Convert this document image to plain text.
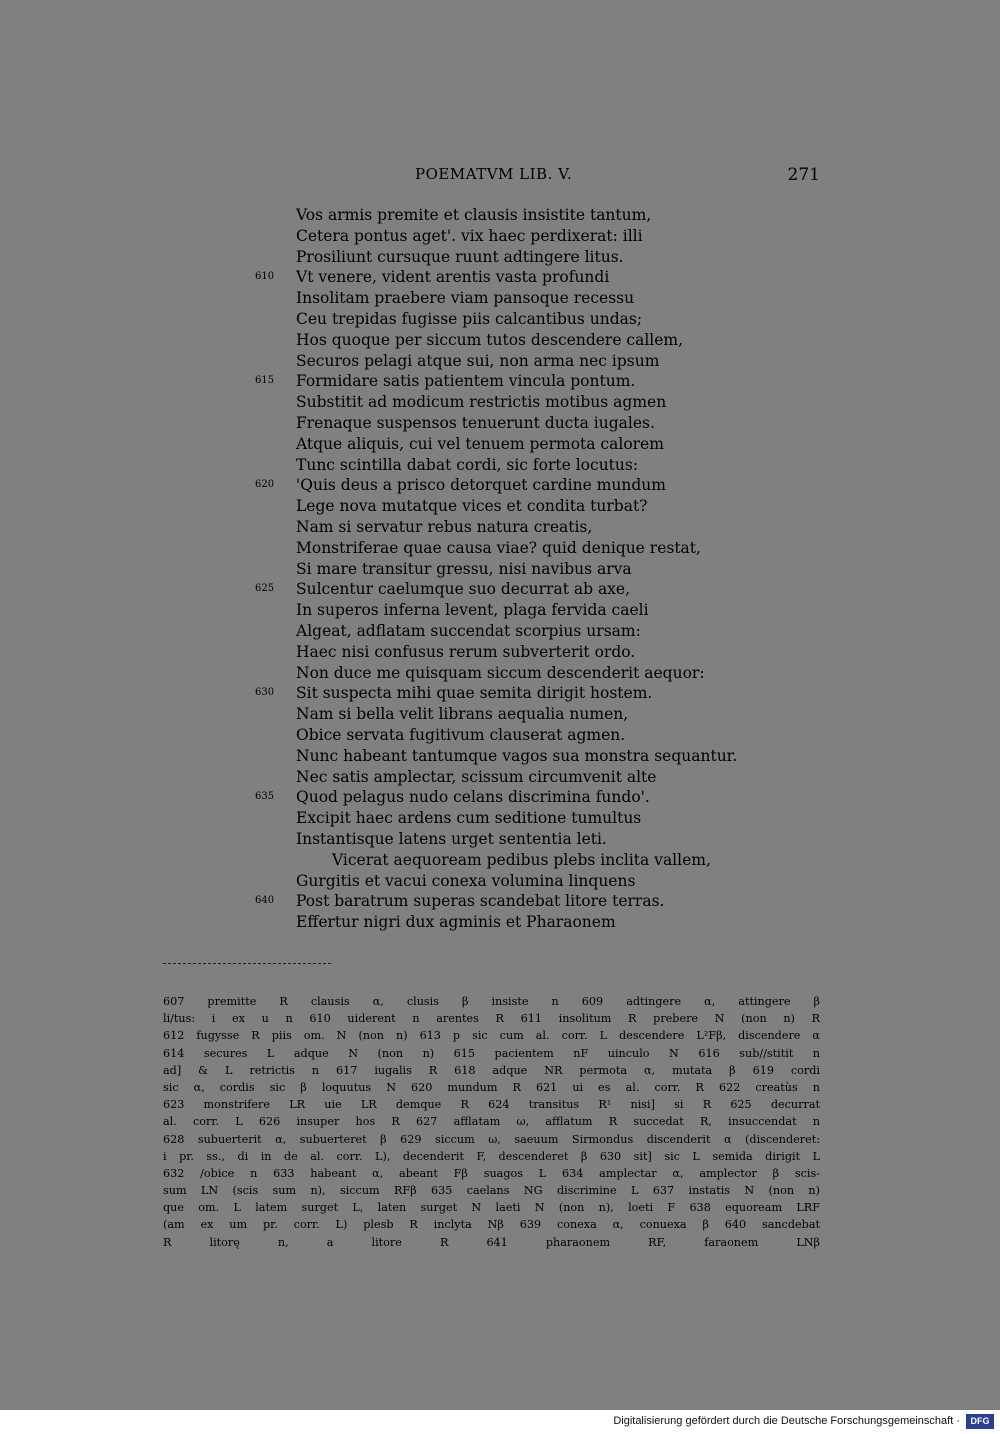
POEMATVM LIB. V.	271
Vos armis premite et clausis insistite tantum,
Cetera pontus aget'. vix haec perdixerat: illi
Prosiliunt cursuque ruunt adtingere litus.
610 Vt venere, vident arentis vasta profundi
Insolitam praebere viam pansoque recessu
Ceu trepidas fugisse piis calcantibus undas;
Hos quoque per siccum tutos descendere callem,
Securos pelagi atque sui, non arma nec ipsum
615 Formidare satis patientem vincula pontum.
Substitit ad modicum restrictis motibus agmen
Frenaque suspensos tenuerunt ducta iugales.
Atque aliquis, cui vel tenuem permota calorem
Tunc scintilla dabat cordi, sic forte locutus:
620 'Quis deus a prisco detorquet cardine mundum
Lege nova mutatque vices et condita turbat?
Nam si servatur rebus natura creatis,
Monstriferae quae causa viae? quid denique restat,
Si mare transitur gressu, nisi navibus arva
625 Sulcentur caelumque suo decurrat ab axe,
In superos inferna levent, plaga fervida caeli
Algeat, adflatam succendat scorpius ursam:
Haec nisi confusus rerum subverterit ordo.
Non duce me quisquam siccum descenderit aequor:
630 Sit suspecta mihi quae semita dirigit hostem.
Nam si bella velit librans aequalia numen,
Obice servata fugitivum clauserat agmen.
Nunc habeant tantumque vagos sua monstra sequantur.
Nec satis amplectar, scissum circumvenit alte
635 Quod pelagus nudo celans discrimina fundo'.
Excipit haec ardens cum seditione tumultus
Instantisque latens urget sententia leti.
Vicerat aequoream pedibus plebs inclita vallem,
Gurgitis et vacui conexa volumina linquens
640 Post baratrum superas scandebat litore terras.
Effertur nigri dux agminis et Pharaonem
607 premitte R clausis α, clusis β insiste n 609 adtingere α, attingere β
li/tus: i ex u n 610 uiderent n arentes R 611 insolitum R prebere N (non n) R
612 fugysse R piis om. N (non n) 613 p sic cum al. corr. L descendere L²Fβ, discendere α
614 secures L adque N (non n) 615 pacientem nF uinculo N 616 sub//stitit n
ad] & L retrictis n 617 iugalis R 618 adque NR permota α, mutata β 619 cordi
sic α, cordis sic β loquutus N 620 mundum R 621 ui es al. corr. R 622 creatùs n
623 monstrifere LR uie LR demque R 624 transitus R¹ nisi] si R 625 decurrat
al. corr. L 626 insuper hos R 627 afflatam ω, afflatum R succedat R, insuccendat n
628 subuerterit α, subuerteret β 629 siccum ω, saeuum Sirmondus discenderit α (discenderet:
i pr. ss., di in de al. corr. L), decenderit F, descenderet β 630 sit] sic L semida dirigit L
632 /obice n 633 habeant α, abeant Fβ suagos L 634 amplectar α, amplector β scis-
sum LN (scis sum n), siccum RFβ 635 caelans NG discrimine L 637 instatis N (non n)
que om. L latem surget L, laten surget N laeti N (non n), loeti F 638 equoream LRF
(am ex um pr. corr. L) plesb R inclyta Nβ 639 conexa α, conuexa β 640 sancdebat
R litorę n, a litore R 641 pharaonem RF, faraonem LNβ
Digitalisierung gefördert durch die Deutsche Forschungsgemeinschaft ·	DFG
